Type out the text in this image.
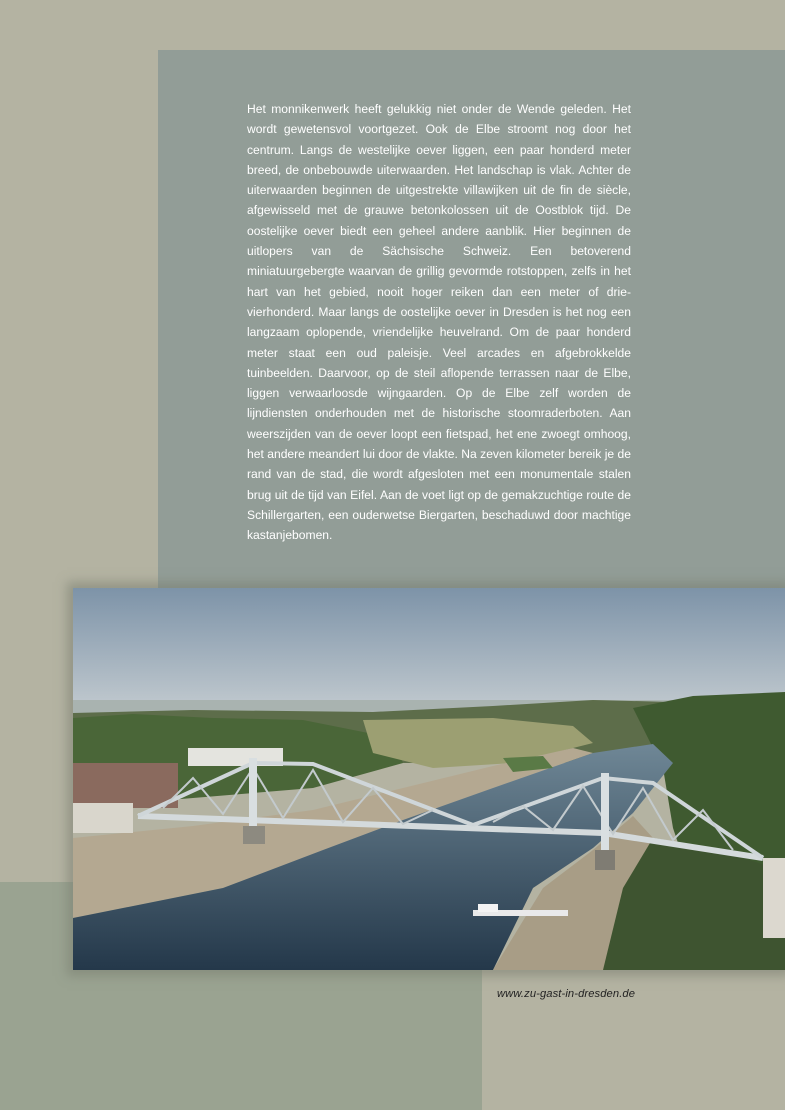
Het monnikenwerk heeft gelukkig niet onder de Wende geleden. Het wordt gewetensvol voortgezet. Ook de Elbe stroomt nog door het centrum. Langs de westelijke oever liggen, een paar honderd meter breed, de onbebouwde uiterwaarden. Het landschap is vlak. Achter de uiterwaarden beginnen de uitgestrekte villawijken uit de fin de siècle, afgewisseld met de grauwe betonkolossen uit de Oostblok tijd. De oostelijke oever biedt een geheel andere aanblik. Hier beginnen de uitlopers van de Sächsische Schweiz. Een betoverend miniatuurgebergte waarvan de grillig gevormde rotstoppen, zelfs in het hart van het gebied, nooit hoger reiken dan een meter of drievierhonderd. Maar langs de oostelijke oever in Dresden is het nog een langzaam oplopende, vriendelijke heuvelrand. Om de paar honderd meter staat een oud paleisje. Veel arcades en afgebrokkelde tuinbeelden. Daarvoor, op de steil aflopende terrassen naar de Elbe, liggen verwaarloosde wijngaarden. Op de Elbe zelf worden de lijndiensten onderhouden met de historische stoomraderboten. Aan weerszijden van de oever loopt een fietspad, het ene zwoegt omhoog, het andere meandert lui door de vlakte. Na zeven kilometer bereik je de rand van de stad, die wordt afgesloten met een monumentale stalen brug uit de tijd van Eifel. Aan de voet ligt op de gemakzuchtige route de Schillergarten, een ouderwetse Biergarten, beschaduwd door machtige kastanjebomen.

www.zu-gast-in-dresden.de
